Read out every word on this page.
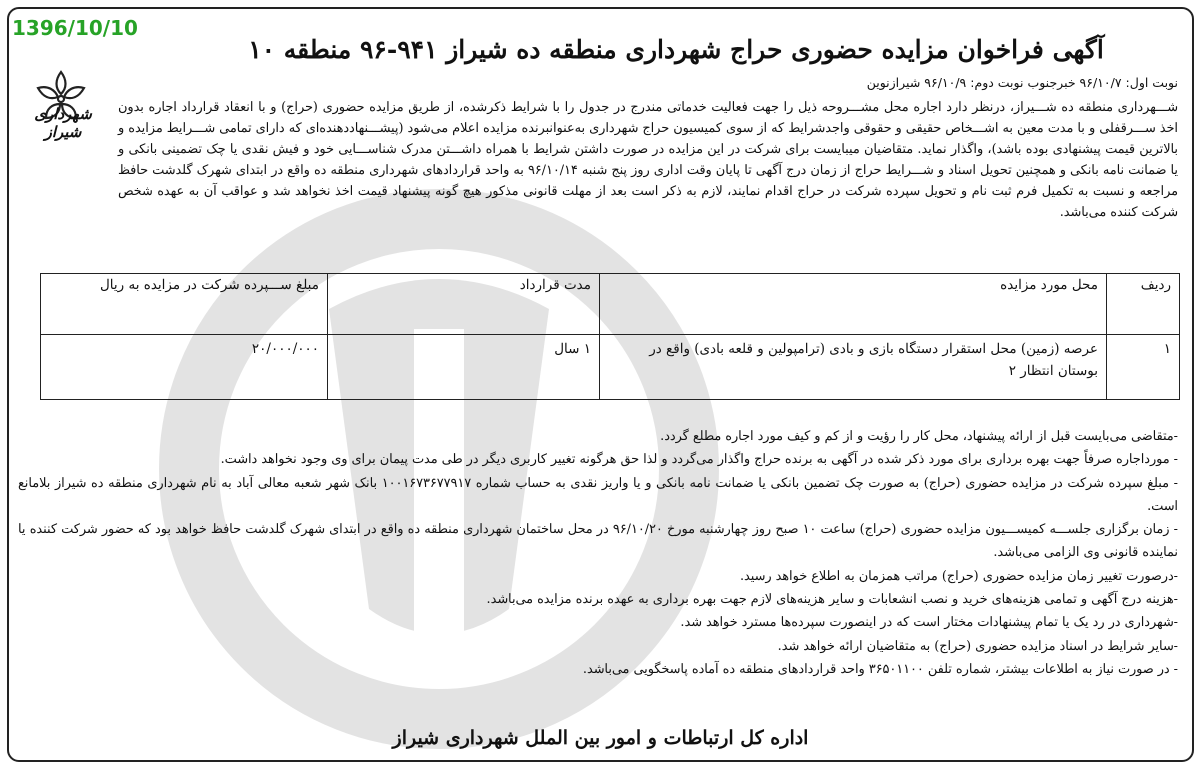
شهرداری شیراز
آگهی فراخوان مزایده حضوری حراج شهرداری منطقه ده شیراز ۹۴۱-۹۶ منطقه ۱۰
نوبت اول: ۹۶/۱۰/۷ خبرجنوب نوبت دوم: ۹۶/۱۰/۹ شیرازنوین

شـــهرداری منطقه ده شـــیراز، درنظر دارد اجاره محل مشـــروحه ذیل را جهت فعالیت خدماتی مندرج در جدول را با شرایط ذکرشده، از طریق مزایده حضوری (حراج) و با انعقاد قرارداد اجاره بدون اخذ ســـرقفلی و با مدت معین به اشـــخاص حقیقی و حقوقی واجدشرایط که از سوی کمیسیون حراج شهرداری به‌عنوانبرنده مزایده اعلام می‌شود (پیشـــنهاددهنده‌ای که دارای تمامی شـــرایط مزایده و بالاترین قیمت پیشنهادی بوده باشد)، واگذار نماید. متقاضیان میبایست برای شرکت در این مزایده در صورت داشتن شرایط با همراه داشـــتن مدرک شناســـایی خود و فیش نقدی یا چک تضمینی بانکی و یا ضمانت نامه بانکی و همچنین تحویل اسناد و شـــرایط حراج از زمان درج آگهی تا پایان وقت اداری روز پنج شنبه ۹۶/۱۰/۱۴ به واحد قراردادهای شهرداری منطقه ده واقع در ابتدای شهرک گلدشت حافظ مراجعه و نسبت به تکمیل فرم ثبت نام و تحویل سپرده شرکت در حراج اقدام نمایند، لازم به ذکر است بعد از مهلت قانونی مذکور هیچ گونه پیشنهاد قیمت اخذ نخواهد شد و عواقب آن به عهده شخص شرکت کننده می‌باشد.

ردیف	محل مورد مزایده	مدت قرارداد	مبلغ ســـپرده شرکت در مزایده به ریال
۱	عرصه (زمین) محل استقرار دستگاه بازی و بادی (ترامپولین و قلعه بادی) واقع در بوستان انتظار ۲	۱ سال	۲۰/۰۰۰/۰۰۰
-متقاضی می‌بایست قبل از ارائه پیشنهاد، محل کار را رؤیت و از کم و کیف مورد اجاره مطلع گردد.
- مورداجاره صرفاً جهت بهره برداری برای مورد ذکر شده در آگهی به برنده حراج واگذار می‌گردد و لذا حق هرگونه تغییر کاربری دیگر در طی مدت پیمان برای وی وجود نخواهد داشت.
- مبلغ سپرده شرکت در مزایده حضوری (حراج) به صورت چک تضمین بانکی یا ضمانت نامه بانکی و یا واریز نقدی به حساب شماره ۱۰۰۱۶۷۳۶۷۷۹۱۷ بانک شهر شعبه معالی آباد به نام شهرداری منطقه ده شیراز بلامانع است.
- زمان برگزاری جلســـه کمیســـیون مزایده حضوری (حراج) ساعت ۱۰ صبح روز چهارشنبه مورخ ۹۶/۱۰/۲۰ در محل ساختمان شهرداری منطقه ده واقع در ابتدای شهرک گلدشت حافظ خواهد بود که حضور شرکت کننده یا نماینده قانونی وی الزامی می‌باشد.
-درصورت تغییر زمان مزایده حضوری (حراج) مراتب همزمان به اطلاع خواهد رسید.
-هزینه درج آگهی و تمامی هزینه‌های خرید و نصب انشعابات و سایر هزینه‌های لازم جهت بهره برداری به عهده برنده مزایده می‌باشد.
-شهرداری در رد یک یا تمام پیشنهادات مختار است که در اینصورت سپرده‌ها مسترد خواهد شد.
-سایر شرایط در اسناد مزایده حضوری (حراج) به متقاضیان ارائه خواهد شد.
- در صورت نیاز به اطلاعات بیشتر، شماره تلفن ۳۶۵۰۱۱۰۰ واحد قراردادهای منطقه ده آماده پاسخگویی می‌باشد.
اداره کل ارتباطات و امور بین الملل شهرداری شیراز
1396/10/10
